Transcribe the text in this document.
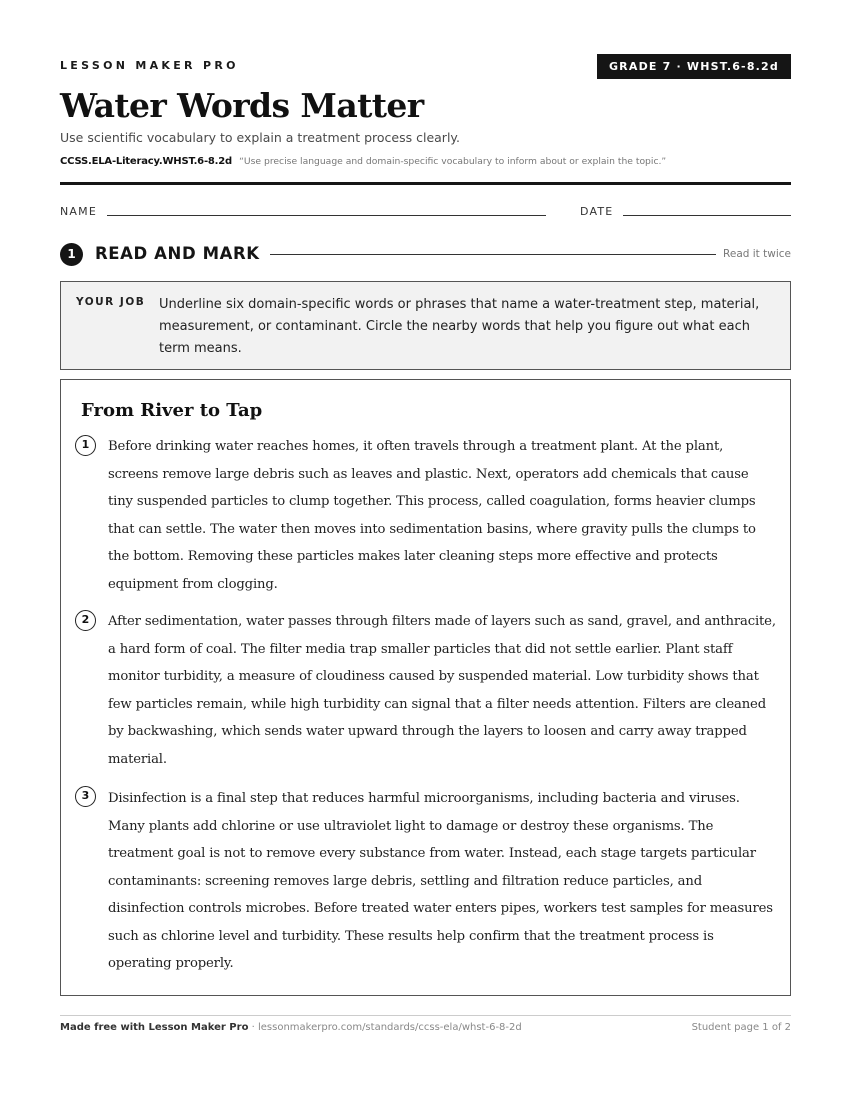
LESSON MAKER PRO	GRADE 7 · WHST.6-8.2d
Water Words Matter
Use scientific vocabulary to explain a treatment process clearly.
CCSS.ELA-Literacy.WHST.6-8.2d “Use precise language and domain-specific vocabulary to inform about or explain the topic.”
NAME	DATE
1	READ AND MARK	Read it twice
YOUR JOB Underline six domain-specific words or phrases that name a water-treatment step, material, measurement, or contaminant. Circle the nearby words that help you figure out what each term means.
From River to Tap
1	Before drinking water reaches homes, it often travels through a treatment plant. At the plant, screens remove large debris such as leaves and plastic. Next, operators add chemicals that cause tiny suspended particles to clump together. This process, called coagulation, forms heavier clumps that can settle. The water then moves into sedimentation basins, where gravity pulls the clumps to the bottom. Removing these particles makes later cleaning steps more effective and protects equipment from clogging.

2	After sedimentation, water passes through filters made of layers such as sand, gravel, and anthracite, a hard form of coal. The filter media trap smaller particles that did not settle earlier. Plant staff monitor turbidity, a measure of cloudiness caused by suspended material. Low turbidity shows that few particles remain, while high turbidity can signal that a filter needs attention. Filters are cleaned by backwashing, which sends water upward through the layers to loosen and carry away trapped material.

3	Disinfection is a final step that reduces harmful microorganisms, including bacteria and viruses. Many plants add chlorine or use ultraviolet light to damage or destroy these organisms. The treatment goal is not to remove every substance from water. Instead, each stage targets particular contaminants: screening removes large debris, settling and filtration reduce particles, and disinfection controls microbes. Before treated water enters pipes, workers test samples for measures such as chlorine level and turbidity. These results help confirm that the treatment process is operating properly.

Made free with Lesson Maker Pro · lessonmakerpro.com/standards/ccss-ela/whst-6-8-2d	Student page 1 of 2
